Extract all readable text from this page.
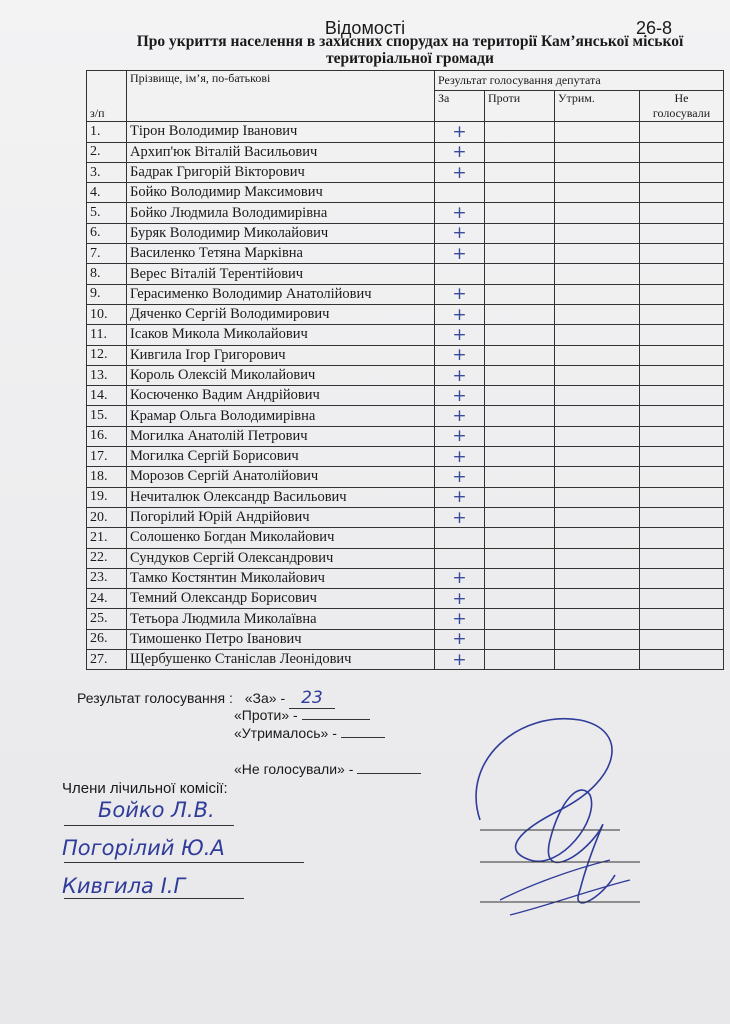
Відомості	26-8
Про укриття населення в захисних спорудах на території Кам’янської міської
територіальної громади
з/п	Прізвище, ім’я, по-батькові	Результат голосування депутата			
		За	Проти	Утрим.	Не
голосували

1.	Тірон Володимир Іванович	+			
2.	Архип'юк Віталій Васильович	+			
3.	Бадрак Григорій Вікторович	+			
4.	Бойко Володимир Максимович				
5.	Бойко Людмила Володимирівна	+			
6.	Буряк Володимир Миколайович	+			
7.	Василенко Тетяна Марківна	+			
8.	Верес Віталій Терентійович				
9.	Герасименко Володимир Анатолійович	+			
10.	Дяченко Сергій Володимирович	+			
11.	Ісаков Микола Миколайович	+			
12.	Кивгила Ігор Григорович	+			
13.	Король Олексій Миколайович	+			
14.	Косюченко Вадим Андрійович	+			
15.	Крамар Ольга Володимирівна	+			
16.	Могилка Анатолій Петрович	+			
17.	Могилка Сергій Борисович	+			
18.	Морозов Сергій Анатолійович	+			
19.	Нечиталюк Олександр Васильович	+			
20.	Погорілий Юрій Андрійович	+			
21.	Солошенко Богдан Миколайович				
22.	Сундуков Сергій Олександрович				
23.	Тамко Костянтин Миколайович	+			
24.	Темний Олександр Борисович	+			
25.	Тетьора Людмила Миколаївна	+			
26.	Тимошенко Петро Іванович	+			
27.	Щербушенко Станіслав Леонідович	+			
Результат голосування : «За» - 23
«Проти» -
«Утрималось» -
«Не голосували» -
Члени лічильної комісії:
Бойко Л.В.
Погорілий Ю.А
Кивгила І.Г
